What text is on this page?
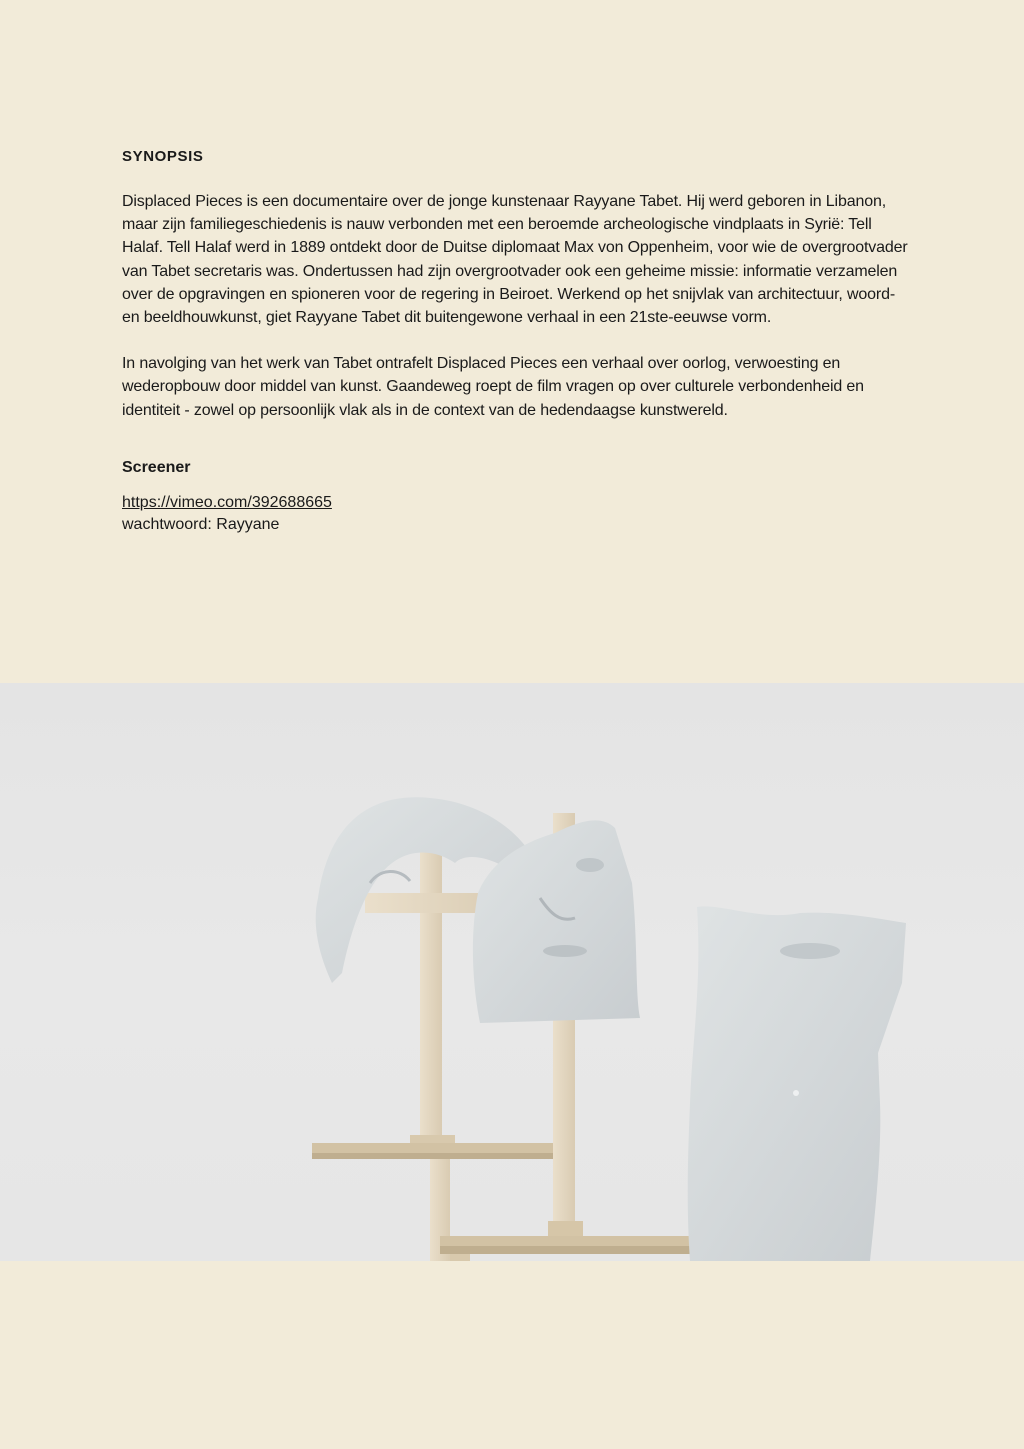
SYNOPSIS

Displaced Pieces is een documentaire over de jonge kunstenaar Rayyane Tabet. Hij werd geboren in Libanon, maar zijn familiegeschiedenis is nauw verbonden met een beroemde archeologische vindplaats in Syrië: Tell Halaf. Tell Halaf werd in 1889 ontdekt door de Duitse diplomaat Max von Oppenheim, voor wie de overgrootvader van Tabet secretaris was. Ondertussen had zijn overgrootvader ook een geheime missie: informatie verzamelen over de opgravingen en spioneren voor de regering in Beiroet. Werkend op het snijvlak van architectuur, woord- en beeldhouwkunst, giet Rayyane Tabet dit buitengewone verhaal in een 21ste-eeuwse vorm.

In navolging van het werk van Tabet ontrafelt Displaced Pieces een verhaal over oorlog, verwoesting en wederopbouw door middel van kunst. Gaandeweg roept de film vragen op over culturele verbondenheid en identiteit - zowel op persoonlijk vlak als in de context van de hedendaagse kunstwereld.

Screener
https://vimeo.com/392688665
wachtwoord: Rayyane
